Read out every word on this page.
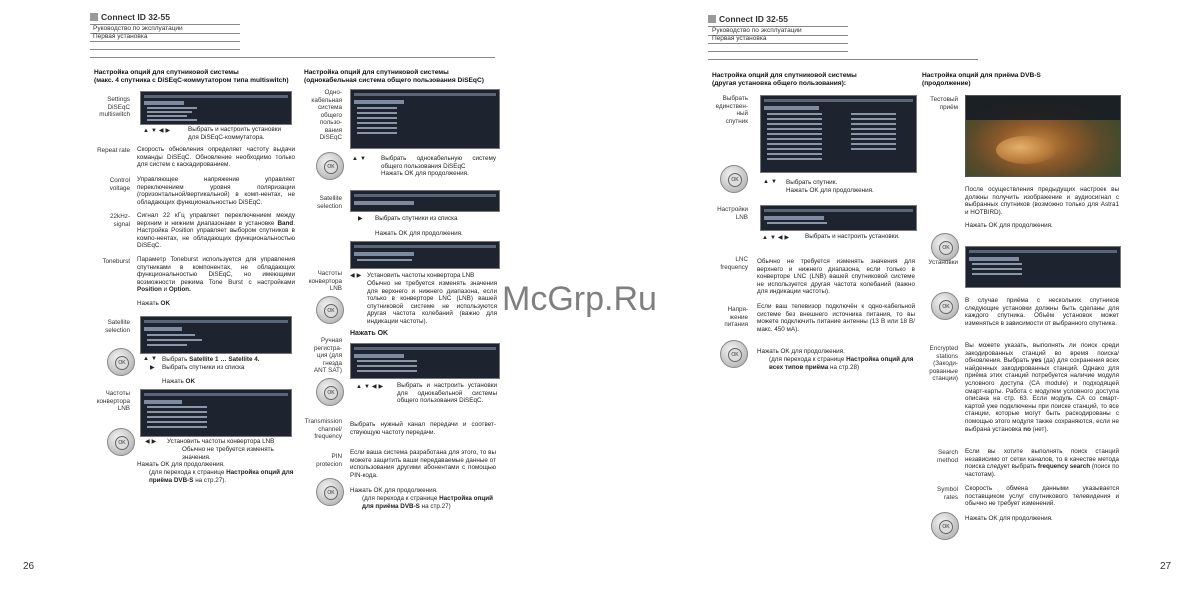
Connect ID 32-55
Руководство по эксплуатации
Первая установка
Настройка опций для спутниковой системы
(макс. 4 спутника с DiSEqC-коммутатором типа multiswitch)
Settings
DiSEqC
multiswitch
▲▼◀▶	Выбрать и настроить установки
для DiSEqC-коммутатора.
Repeat rate Скорость обновления определяет частоту выдачи команды DiSEqC. Обновление необходимо только для систем с каскадированием.
Control
voltage
Управляющее напряжение управляет переключением уровня поляризации (горизонтальной/вертикальной) в комп-нентах, не обладающих функциональностью DiSEqC.
22kHz-
signal
Сигнал 22 кГц управляет переключением между верхним и нижним диапазонами в установке Band. Настройка Position управляет выбором спутников в компо-нентах, не обладающих функциональностью DiSEqC.
Toneburst Параметр Toneburst используется для управления спутниками в компонентах, не обладающих функциональностью DiSEqC, но имеющими возможности режима Tone Burst с настройками Position и Option.
Нажать OK
Satellite
selection
OK
▲▼ Выбрать Satellite 1 … Satellite 4.
▶ Выбрать спутники из списка
Нажать OK
Частоты
конвертора
LNB
OK	◀▶ Установить частоты конвертора LNB
Обычно не требуется изменять
значения.
Нажать OK для продолжения.
(для перехода к странице Настройка опций для приёма DVB-S на стр.27).
Настройка опций для спутниковой системы
(однокабельная система общего пользования DiSEqC)
Одно-
кабельная
система
общего
пользо-
вания
DiSEqC
OK
▲▼ Выбрать однокабельную систему общего пользования DiSEqC
Нажать OK для продолжения.
Satellite
selection
▶ Выбрать спутники из списка
Нажать OK для продолжения.
Частоты
конвертора
LNB
OK
◀▶ Установить частоты конвертора LNB
Обычно не требуется изменять значения для верхнего и нижнего диапазона, если только в конверторе LNC (LNB) вашей спутниковой системе не используются другая частота колебаний (важно для индикации частоты).
Нажать OK
Ручная
регистра-
ция (для
гнезда
ANT SAT)
OK
▲▼◀▶ Выбрать и настроить установки для однокабельной системы общего пользования DiSEqC.
Transmission
channel/
frequency
Выбрать нужный канал передачи и соответ-ствующую частоту передачи.
PIN
protecion
Если ваша система разработана для этого, то вы можете защитить ваши передаваемые данные от использования другими абонентами с помощью PIN-кода.
OK	Нажать OK для продолжения.
(для перехода к странице Настройка опций для приёма DVB-S на стр.27)
26
McGrp.Ru
Connect ID 32-55
Руководство по эксплуатации
Первая установка
Настройка опций для спутниковой системы
(другая установка общего пользования):
Выбрать
единствен-
ный
спутник
OK	▲▼ Выбрать спутник.
Нажать OK для продолжения.
Настройки
LNB
▲▼◀▶ Выбрать и настроить установки.
LNC
frequency
Обычно не требуется изменять значения для верхнего и нижнего диапазона, если только в конверторе LNC (LNB) вашей спутниковой системе не используется другая частота колебаний (важно для индикации частоты).
Напря-
жение
питания
Если ваш телевизор подключён к одно-кабельной системе без внешнего источника питания, то вы можете подключить питание антенны (13 В или 18 В/ макс. 450 мА).
OK	Нажать OK для продолжения.
(для перехода к странице Настройка опций для всех типов приёма на стр.28)
Настройка опций для приёма DVB-S
(продолжение)
Тестовый
приём
После осуществления предыдущих настроек вы должны получить изображение и аудиосигнал с выбранных спутников (возможно только для Astra1 и HOTBIRD).
Нажать OK для продолжения.
OK
Установки
OK
В случае приёма с нескольких спутников следующие установки должны быть сделаны для каждого спутника. Объём установок может изменяться в зависимости от выбранного спутника.
Encrypted
stations
(Закоди-
рованные
станции)
Вы можете указать, выполнять ли поиск среди закодированных станций во время поиска/обновления. Выбрать yes (да) для сохранения всех найденных закодированных станций. Однако для приёма этих станций потребуется наличие модуля условного доступа (CA module) и подходящей смарт-карты. Работа с модулем условного доступа описана на стр. 63. Если модуль CA со смарт-картой уже подключены при поиске станций, то все станции, которые могут быть раскодированы с помощью этого модуля также сохраняются, если не выбрана установка no (нет).
Search
method
Если вы хотите выполнять поиск станций независимо от сетки каналов, то в качестве метода поиска следует выбрать frequency search (поиск по частотам).
Symbol
rates
Скорость обмена данными указывается поставщиком услуг спутникового телевидения и обычно не требует изменений.
OK
Нажать OK для продолжения.
27
